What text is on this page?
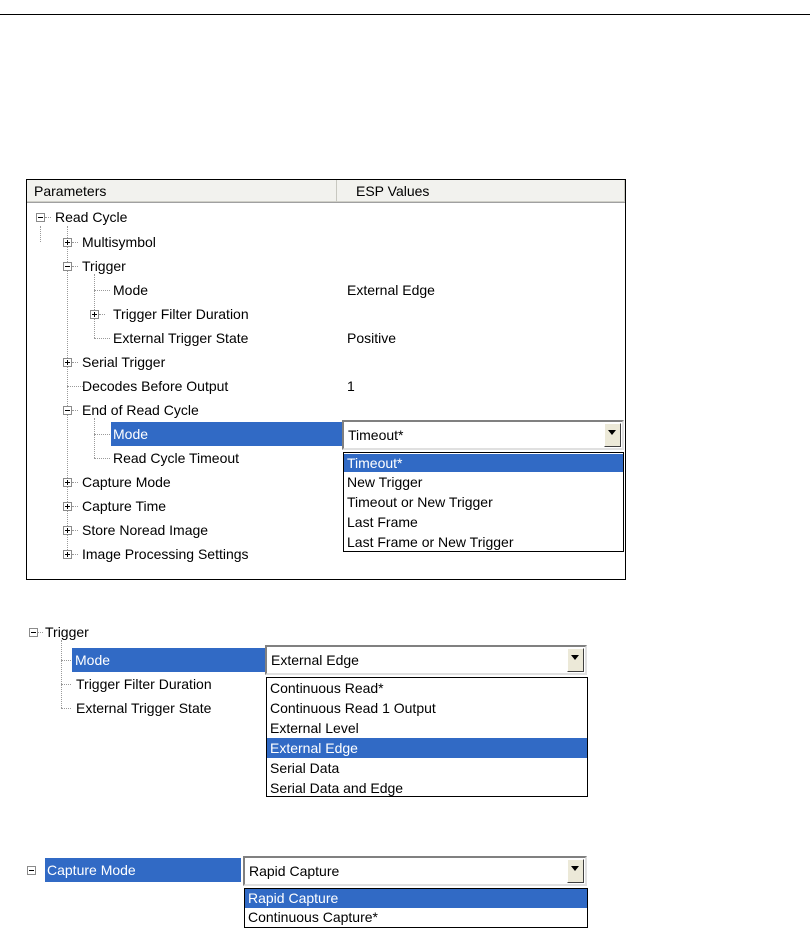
Parameters	ESP Values
Read Cycle
Multisymbol
Trigger
Mode
Trigger Filter Duration
External Trigger State
Serial Trigger
Decodes Before Output
End of Read Cycle
Mode
Read Cycle Timeout
Capture Mode
Capture Time
Store Noread Image
Image Processing Settings
External Edge
Positive
1
Timeout*
Timeout*
New Trigger
Timeout or New Trigger
Last Frame
Last Frame or New Trigger
Trigger
Mode
Trigger Filter Duration
External Trigger State
External Edge
Continuous Read*
Continuous Read 1 Output
External Level
External Edge
Serial Data
Serial Data and Edge
Capture Mode	Rapid Capture
Rapid Capture
Continuous Capture*
